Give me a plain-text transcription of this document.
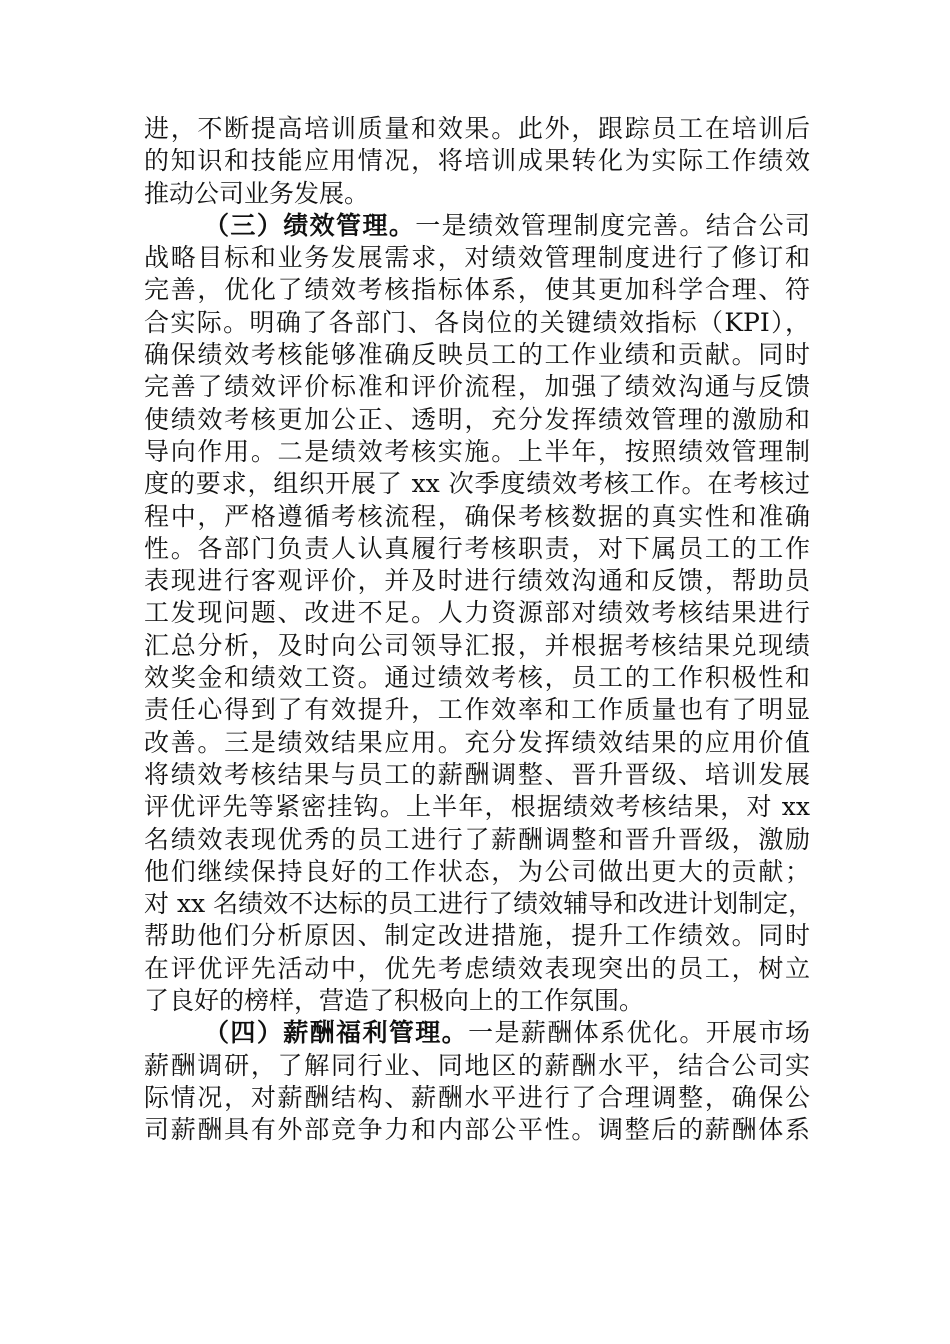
进，不断提高培训质量和效果。此外，跟踪员工在培训后
的知识和技能应用情况，将培训成果转化为实际工作绩效
推动公司业务发展。
（三）绩效管理。一是绩效管理制度完善。结合公司
战略目标和业务发展需求，对绩效管理制度进行了修订和
完善，优化了绩效考核指标体系，使其更加科学合理、符
合实际。明确了各部门、各岗位的关键绩效指标（KPI），
确保绩效考核能够准确反映员工的工作业绩和贡献。同时
完善了绩效评价标准和评价流程，加强了绩效沟通与反馈
使绩效考核更加公正、透明，充分发挥绩效管理的激励和
导向作用。二是绩效考核实施。上半年，按照绩效管理制
度的要求，组织开展了 xx 次季度绩效考核工作。在考核过
程中，严格遵循考核流程，确保考核数据的真实性和准确
性。各部门负责人认真履行考核职责，对下属员工的工作
表现进行客观评价，并及时进行绩效沟通和反馈，帮助员
工发现问题、改进不足。人力资源部对绩效考核结果进行
汇总分析，及时向公司领导汇报，并根据考核结果兑现绩
效奖金和绩效工资。通过绩效考核，员工的工作积极性和
责任心得到了有效提升，工作效率和工作质量也有了明显
改善。三是绩效结果应用。充分发挥绩效结果的应用价值
将绩效考核结果与员工的薪酬调整、晋升晋级、培训发展
评优评先等紧密挂钩。上半年，根据绩效考核结果，对 xx
名绩效表现优秀的员工进行了薪酬调整和晋升晋级，激励
他们继续保持良好的工作状态，为公司做出更大的贡献；
对 xx 名绩效不达标的员工进行了绩效辅导和改进计划制定，
帮助他们分析原因、制定改进措施，提升工作绩效。同时
在评优评先活动中，优先考虑绩效表现突出的员工，树立
了良好的榜样，营造了积极向上的工作氛围。
（四）薪酬福利管理。一是薪酬体系优化。开展市场
薪酬调研，了解同行业、同地区的薪酬水平，结合公司实
际情况，对薪酬结构、薪酬水平进行了合理调整，确保公
司薪酬具有外部竞争力和内部公平性。调整后的薪酬体系
